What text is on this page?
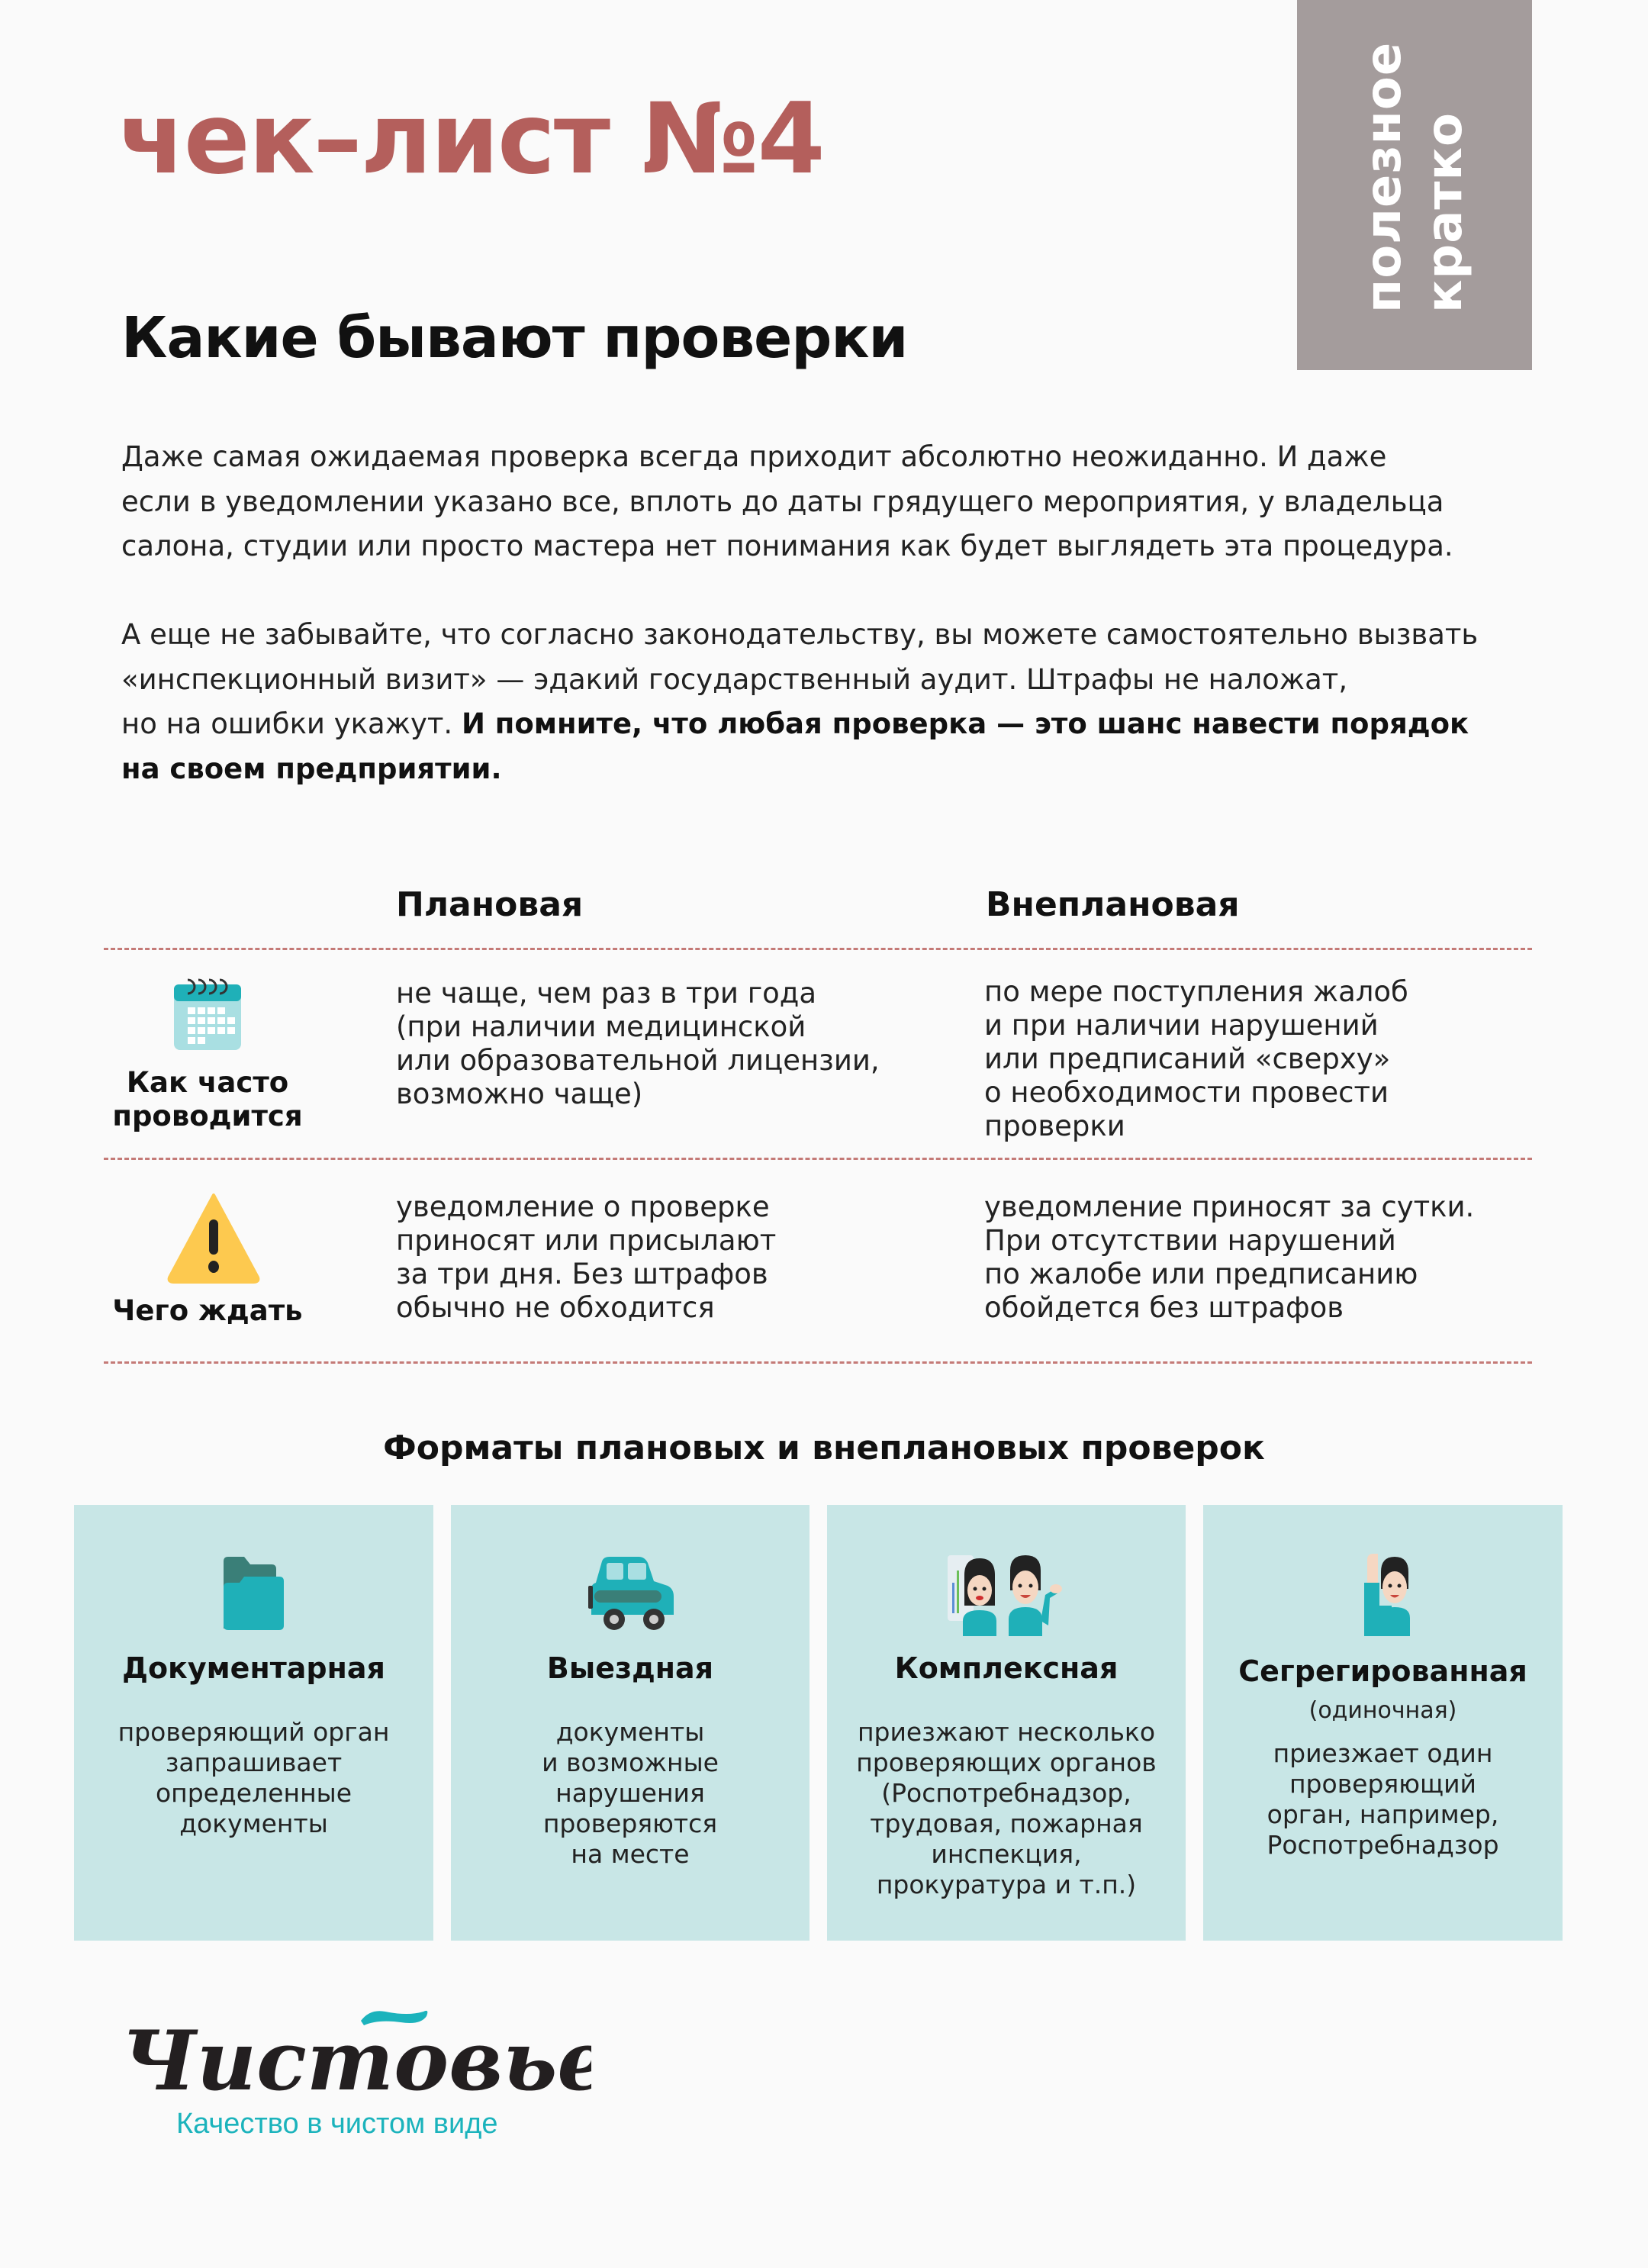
полезное кратко
чек–лист №4
Какие бывают проверки
Даже самая ожидаемая проверка всегда приходит абсолютно неожиданно. И даже
если в уведомлении указано все, вплоть до даты грядущего мероприятия, у владельца
салона, студии или просто мастера нет понимания как будет выглядеть эта процедура.
А еще не забывайте, что согласно законодательству, вы можете самостоятельно вызвать
«инспекционный визит» — эдакий государственный аудит. Штрафы не наложат,
но на ошибки укажут. И помните, что любая проверка — это шанс навести порядок
на своем предприятии.
Плановая	Внеплановая
Как часто
проводится
не чаще, чем раз в три года
(при наличии медицинской
или образовательной лицензии,
возможно чаще)
по мере поступления жалоб
и при наличии нарушений
или предписаний «сверху»
о необходимости провести
проверки
Чего ждать
уведомление о проверке
приносят или присылают
за три дня. Без штрафов
обычно не обходится
уведомление приносят за сутки.
При отсутствии нарушений
по жалобе или предписанию
обойдется без штрафов
Форматы плановых и внеплановых проверок
Документарная
проверяющий орган
запрашивает
определенные
документы
Выездная
документы
и возможные
нарушения
проверяются
на месте
Комплексная
приезжают несколько
проверяющих органов
(Роспотребнадзор,
трудовая, пожарная
инспекция,
прокуратура и т.п.)
Сегрегированная
(одиночная)
приезжает один
проверяющий
орган, например,
Роспотребнадзор
Чистовье
Качество в чистом виде
